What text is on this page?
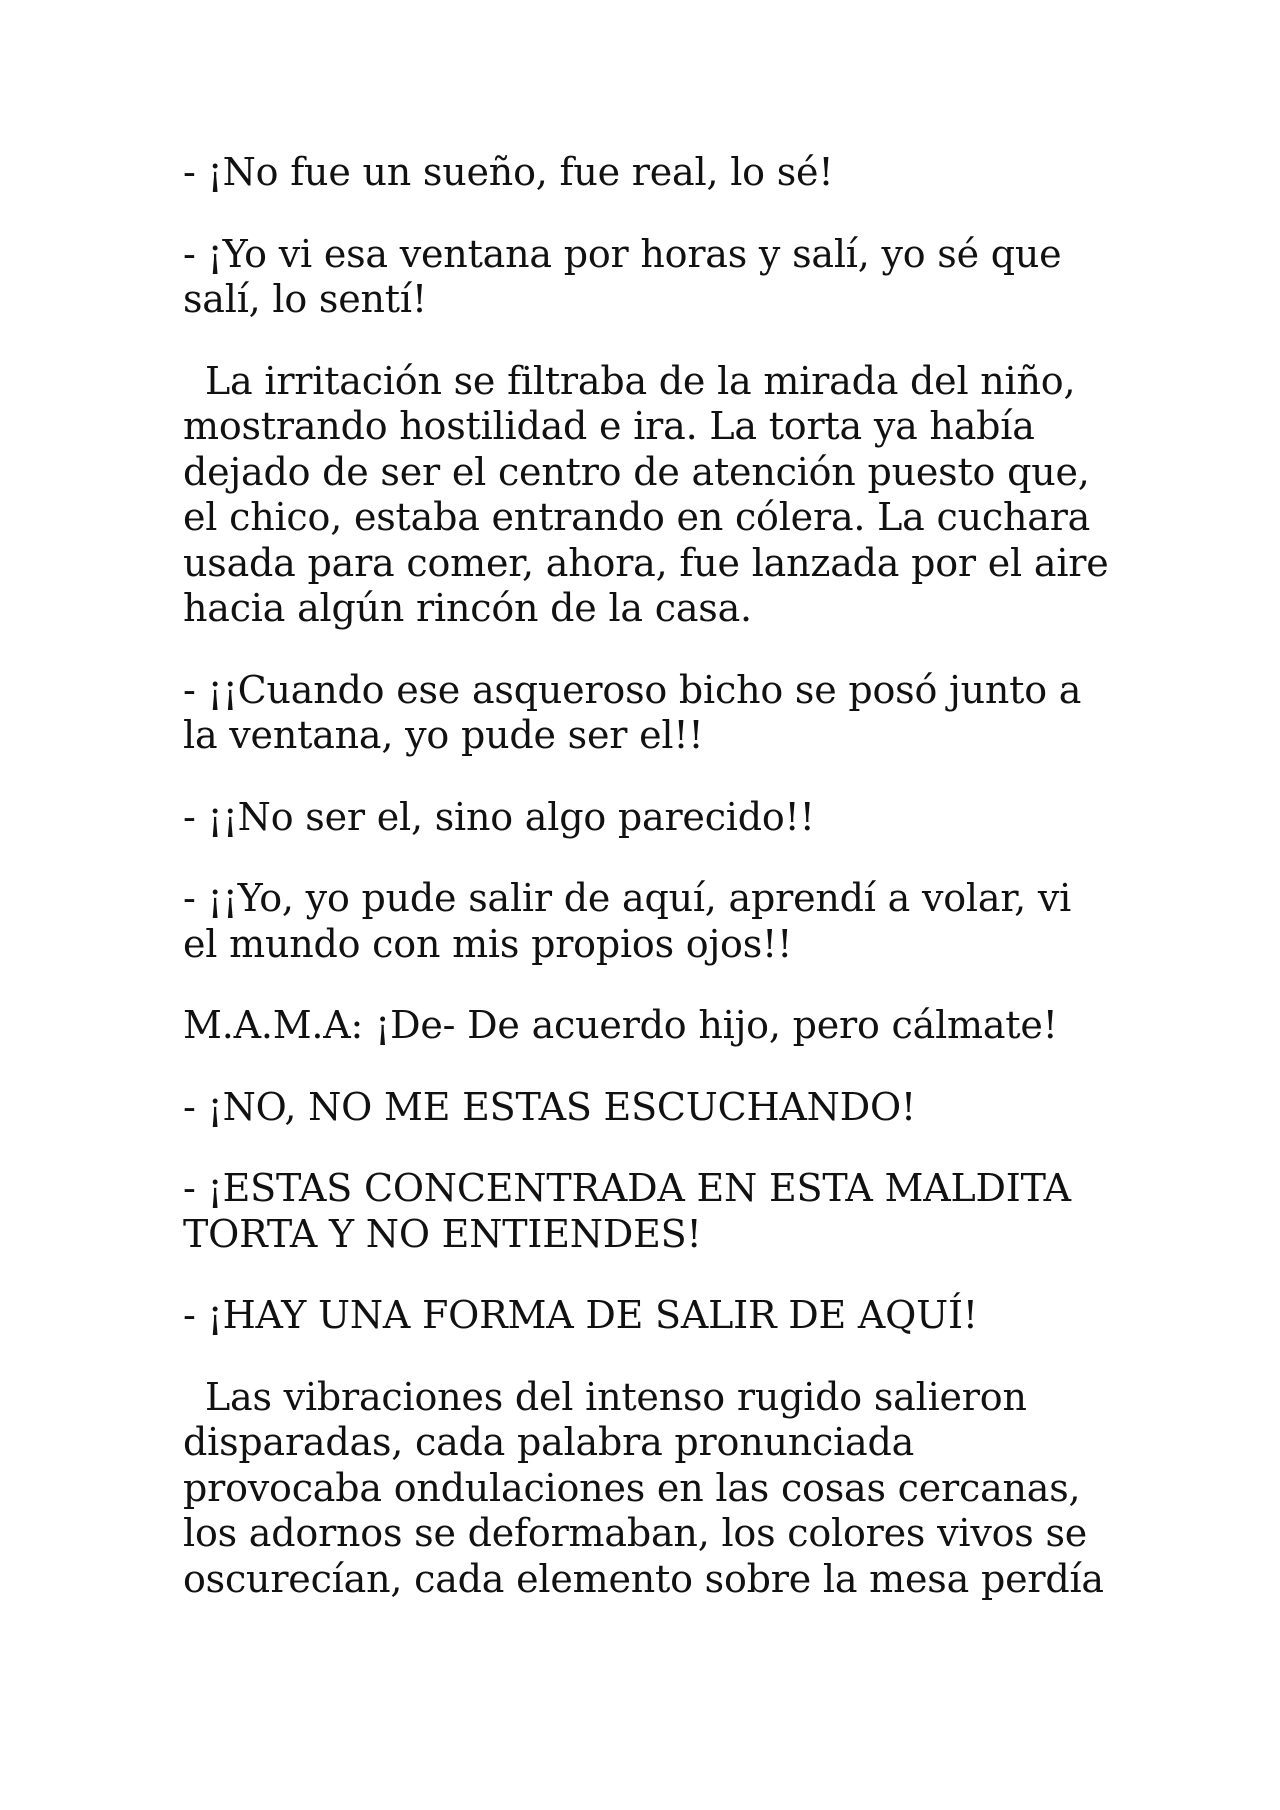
- ¡No fue un sueño, fue real, lo sé!

- ¡Yo vi esa ventana por horas y salí, yo sé que salí, lo sentí!

La irritación se filtraba de la mirada del niño, mostrando hostilidad e ira. La torta ya había dejado de ser el centro de atención puesto que, el chico, estaba entrando en cólera. La cuchara usada para comer, ahora, fue lanzada por el aire hacia algún rincón de la casa.

- ¡¡Cuando ese asqueroso bicho se posó junto a la ventana, yo pude ser el!!

- ¡¡No ser el, sino algo parecido!!

- ¡¡Yo, yo pude salir de aquí, aprendí a volar, vi el mundo con mis propios ojos!!

M.A.M.A: ¡De- De acuerdo hijo, pero cálmate!

- ¡NO, NO ME ESTAS ESCUCHANDO!

- ¡ESTAS CONCENTRADA EN ESTA MALDITA TORTA Y NO ENTIENDES!

- ¡HAY UNA FORMA DE SALIR DE AQUÍ!

Las vibraciones del intenso rugido salieron disparadas, cada palabra pronunciada provocaba ondulaciones en las cosas cercanas, los adornos se deformaban, los colores vivos se oscurecían, cada elemento sobre la mesa perdía
